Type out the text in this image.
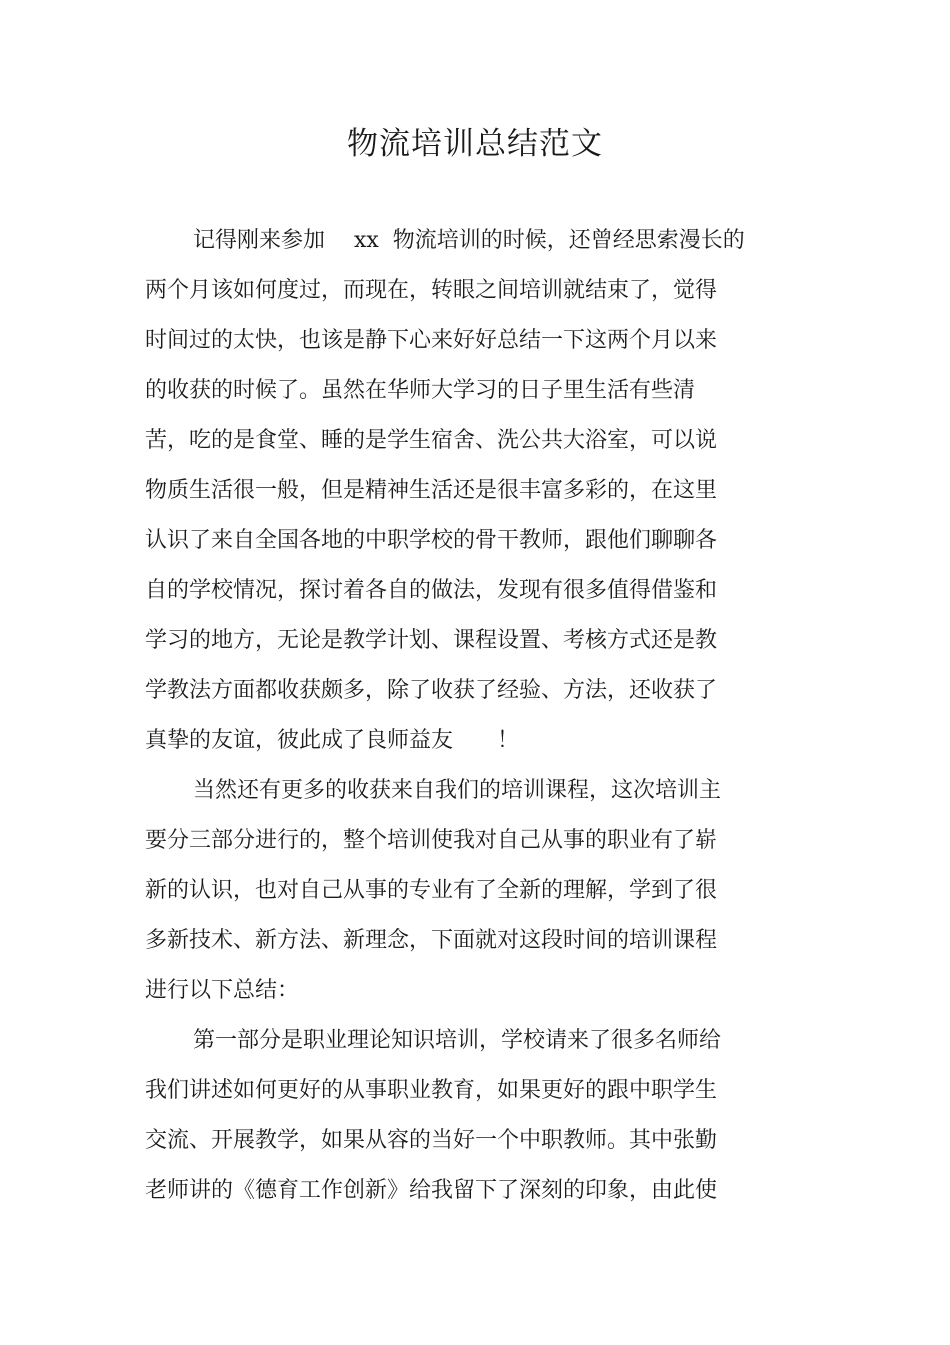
物流培训总结范文

记得刚来参加　 xx  物流培训的时候，还曾经思索漫长的

两个月该如何度过，而现在，转眼之间培训就结束了，觉得

时间过的太快，也该是静下心来好好总结一下这两个月以来

的收获的时候了。虽然在华师大学习的日子里生活有些清

苦，吃的是食堂、睡的是学生宿舍、洗公共大浴室，可以说

物质生活很一般，但是精神生活还是很丰富多彩的，在这里

认识了来自全国各地的中职学校的骨干教师，跟他们聊聊各

自的学校情况，探讨着各自的做法，发现有很多值得借鉴和

学习的地方，无论是教学计划、课程设置、考核方式还是教

学教法方面都收获颇多，除了收获了经验、方法，还收获了

真挚的友谊，彼此成了良师益友　　！

当然还有更多的收获来自我们的培训课程，这次培训主

要分三部分进行的，整个培训使我对自己从事的职业有了崭

新的认识，也对自己从事的专业有了全新的理解，学到了很

多新技术、新方法、新理念，下面就对这段时间的培训课程

进行以下总结：

第一部分是职业理论知识培训，学校请来了很多名师给

我们讲述如何更好的从事职业教育，如果更好的跟中职学生

交流、开展教学，如果从容的当好一个中职教师。其中张勤

老师讲的《德育工作创新》给我留下了深刻的印象，由此使
